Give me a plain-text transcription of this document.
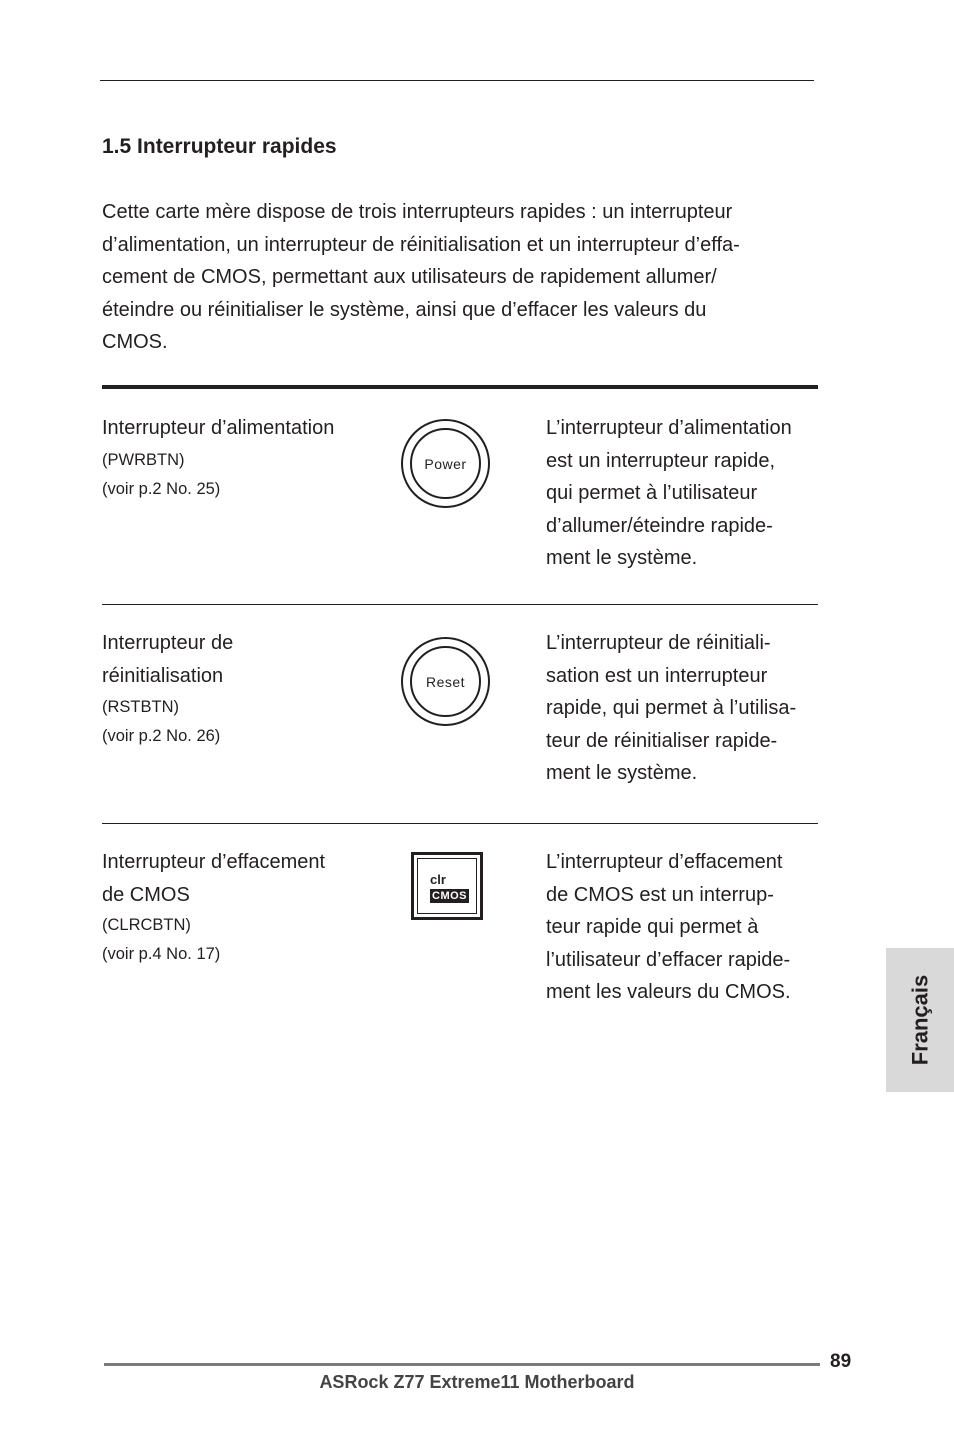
1.5 Interrupteur rapides
Cette carte mère dispose de trois interrupteurs rapides : un interrupteur
d’alimentation, un interrupteur de réinitialisation et un interrupteur d’effa-
cement de CMOS, permettant aux utilisateurs de rapidement allumer/
éteindre ou réinitialiser le système, ainsi que d’effacer les valeurs du
CMOS.
Interrupteur d’alimentation
(PWRBTN)
(voir p.2 No. 25)
Power
L’interrupteur d’alimentation
est un interrupteur rapide,
qui permet à l’utilisateur
d’allumer/éteindre rapide-
ment le système.
Interrupteur de
réinitialisation
(RSTBTN)
(voir p.2 No. 26)
Reset
L’interrupteur de réinitiali-
sation est un interrupteur
rapide, qui permet à l’utilisa-
teur de réinitialiser rapide-
ment le système.
Interrupteur d’effacement
de CMOS
(CLRCBTN)
(voir p.4 No. 17)
clr
CMOS
L’interrupteur d’effacement
de CMOS est un interrup-
teur rapide qui permet à
l’utilisateur d’effacer rapide-
ment les valeurs du CMOS.	Français
89
ASRock Z77 Extreme11 Motherboard
